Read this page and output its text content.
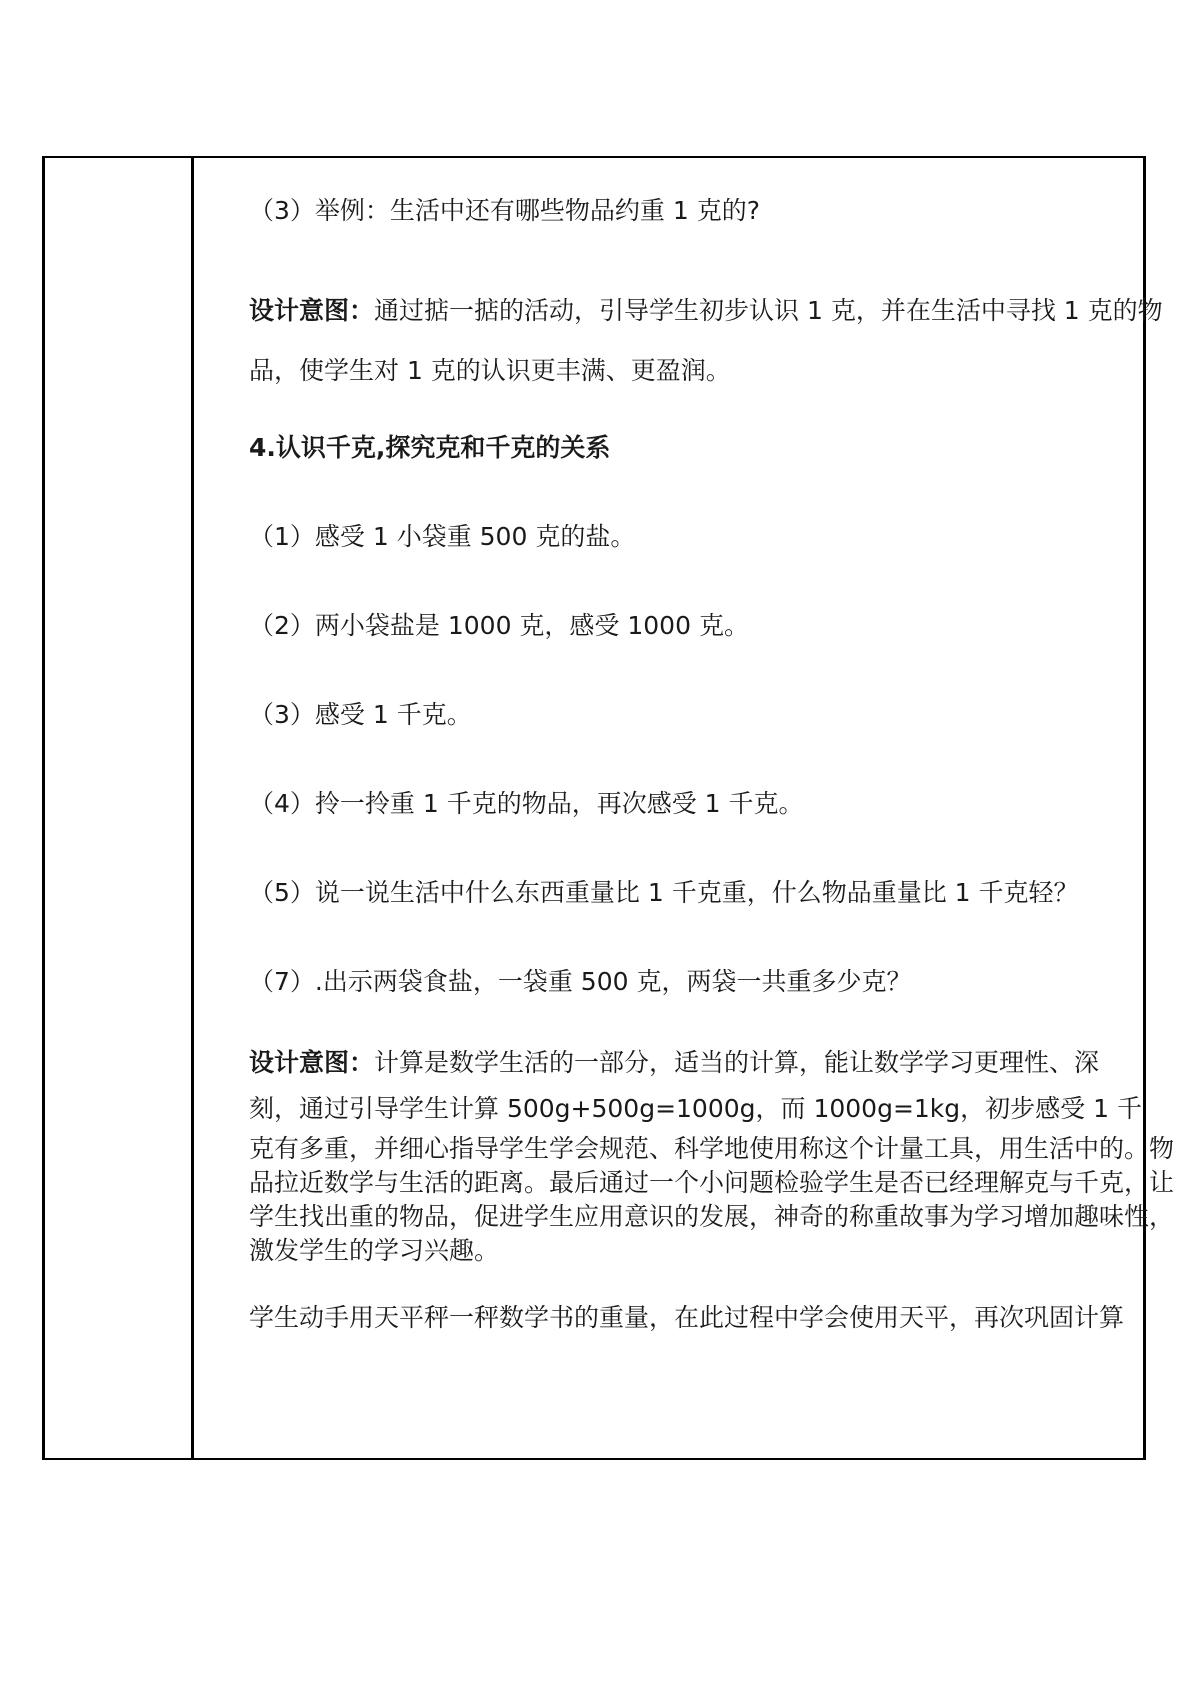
（3）举例：生活中还有哪些物品约重 1 克的?
设计意图：通过掂一掂的活动，引导学生初步认识 1 克，并在生活中寻找 1 克的物品，使学生对 1 克的认识更丰满、更盈润。
4.认识千克,探究克和千克的关系
（1）感受 1 小袋重 500 克的盐。
（2）两小袋盐是 1000 克，感受 1000 克。
（3）感受 1 千克。
（4）拎一拎重 1 千克的物品，再次感受 1 千克。
（5）说一说生活中什么东西重量比 1 千克重，什么物品重量比 1 千克轻？
（7）.出示两袋食盐，一袋重 500 克，两袋一共重多少克？
设计意图：计算是数学生活的一部分，适当的计算，能让数学学习更理性、深
刻，通过引导学生计算 500g+500g=1000g，而 1000g=1kg，初步感受 1 千
克有多重，并细心指导学生学会规范、科学地使用称这个计量工具，用生活中的。物品拉近数学与生活的距离。最后通过一个小问题检验学生是否已经理解克与千克，让学生找出重的物品，促进学生应用意识的发展，神奇的称重故事为学习增加趣味性，激发学生的学习兴趣。
学生动手用天平秤一秤数学书的重量，在此过程中学会使用天平，再次巩固计算
